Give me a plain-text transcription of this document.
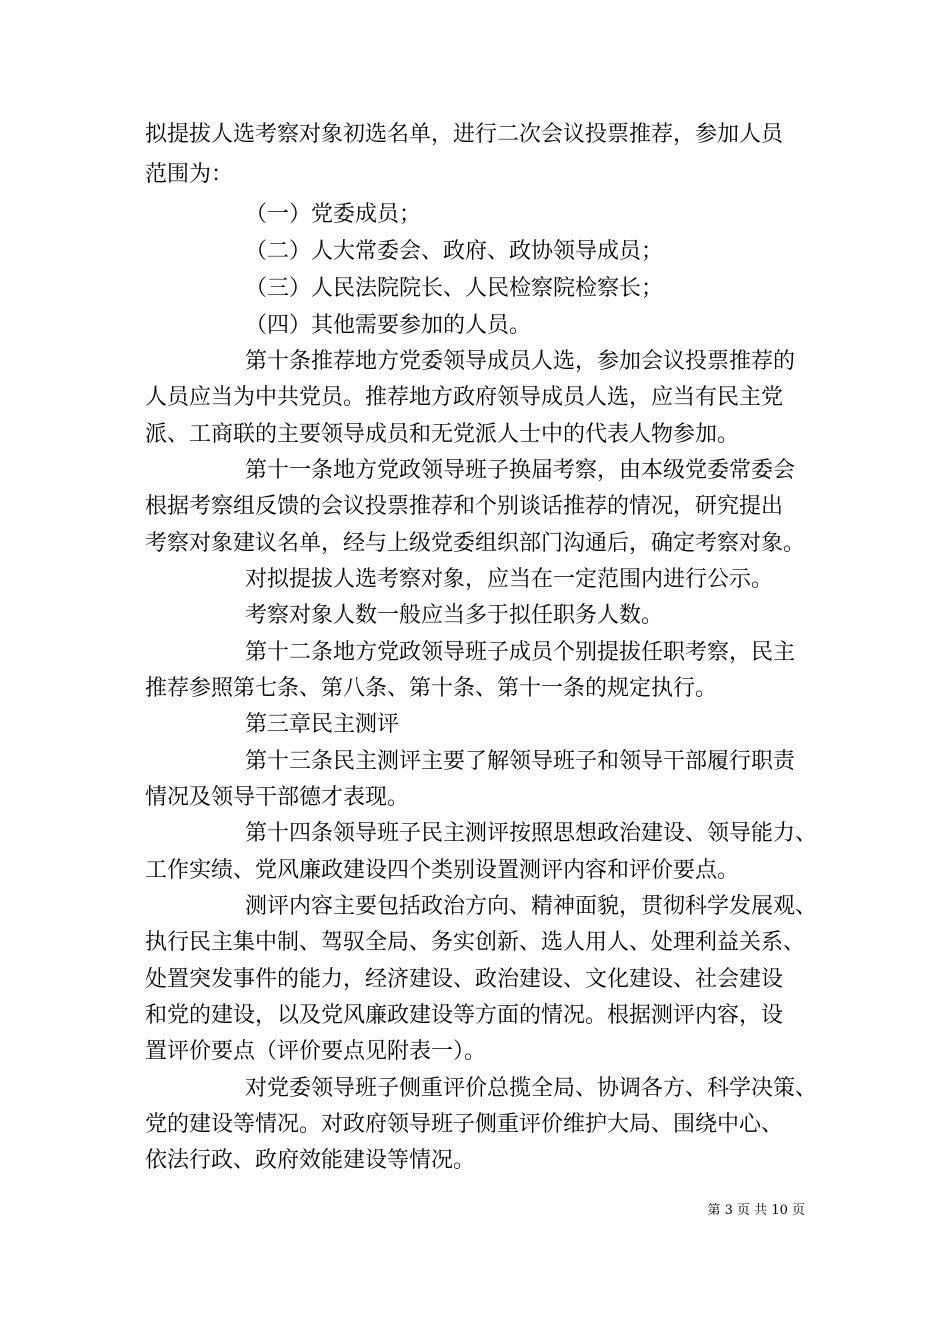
拟提拔人选考察对象初选名单，进行二次会议投票推荐，参加人员
范围为：
（一）党委成员；
（二）人大常委会、政府、政协领导成员；
（三）人民法院院长、人民检察院检察长；
（四）其他需要参加的人员。
第十条推荐地方党委领导成员人选，参加会议投票推荐的
人员应当为中共党员。推荐地方政府领导成员人选，应当有民主党
派、工商联的主要领导成员和无党派人士中的代表人物参加。
第十一条地方党政领导班子换届考察，由本级党委常委会
根据考察组反馈的会议投票推荐和个别谈话推荐的情况，研究提出
考察对象建议名单，经与上级党委组织部门沟通后，确定考察对象。
对拟提拔人选考察对象，应当在一定范围内进行公示。
考察对象人数一般应当多于拟任职务人数。
第十二条地方党政领导班子成员个别提拔任职考察，民主
推荐参照第七条、第八条、第十条、第十一条的规定执行。
第三章民主测评
第十三条民主测评主要了解领导班子和领导干部履行职责
情况及领导干部德才表现。
第十四条领导班子民主测评按照思想政治建设、领导能力、
工作实绩、党风廉政建设四个类别设置测评内容和评价要点。
测评内容主要包括政治方向、精神面貌，贯彻科学发展观、
执行民主集中制、驾驭全局、务实创新、选人用人、处理利益关系、
处置突发事件的能力，经济建设、政治建设、文化建设、社会建设
和党的建设，以及党风廉政建设等方面的情况。根据测评内容，设
置评价要点（评价要点见附表一）。
对党委领导班子侧重评价总揽全局、协调各方、科学决策、
党的建设等情况。对政府领导班子侧重评价维护大局、围绕中心、
依法行政、政府效能建设等情况。
第 3 页 共 10 页
